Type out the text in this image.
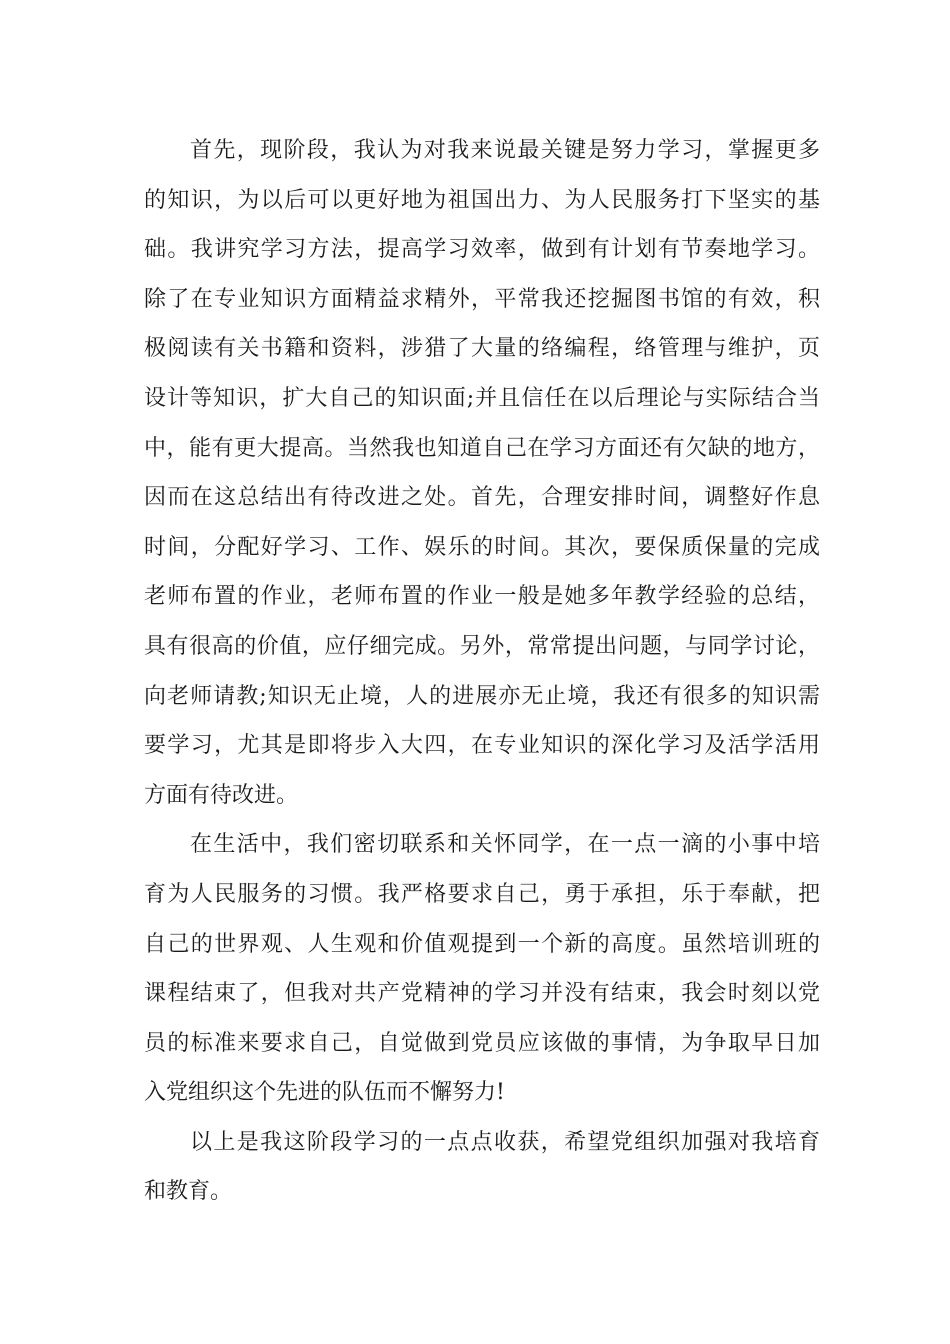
首先，现阶段，我认为对我来说最关键是努力学习，掌握更多
的知识，为以后可以更好地为祖国出力、为人民服务打下坚实的基
础。我讲究学习方法，提高学习效率，做到有计划有节奏地学习。
除了在专业知识方面精益求精外，平常我还挖掘图书馆的有效，积
极阅读有关书籍和资料，涉猎了大量的络编程，络管理与维护，页
设计等知识，扩大自己的知识面;并且信任在以后理论与实际结合当
中，能有更大提高。当然我也知道自己在学习方面还有欠缺的地方，
因而在这总结出有待改进之处。首先，合理安排时间，调整好作息
时间，分配好学习、工作、娱乐的时间。其次，要保质保量的完成
老师布置的作业，老师布置的作业一般是她多年教学经验的总结，
具有很高的价值，应仔细完成。另外，常常提出问题，与同学讨论，
向老师请教;知识无止境，人的进展亦无止境，我还有很多的知识需
要学习，尤其是即将步入大四，在专业知识的深化学习及活学活用
方面有待改进。
在生活中，我们密切联系和关怀同学，在一点一滴的小事中培
育为人民服务的习惯。我严格要求自己，勇于承担，乐于奉献，把
自己的世界观、人生观和价值观提到一个新的高度。虽然培训班的
课程结束了，但我对共产党精神的学习并没有结束，我会时刻以党
员的标准来要求自己，自觉做到党员应该做的事情，为争取早日加
入党组织这个先进的队伍而不懈努力!
以上是我这阶段学习的一点点收获，希望党组织加强对我培育
和教育。
